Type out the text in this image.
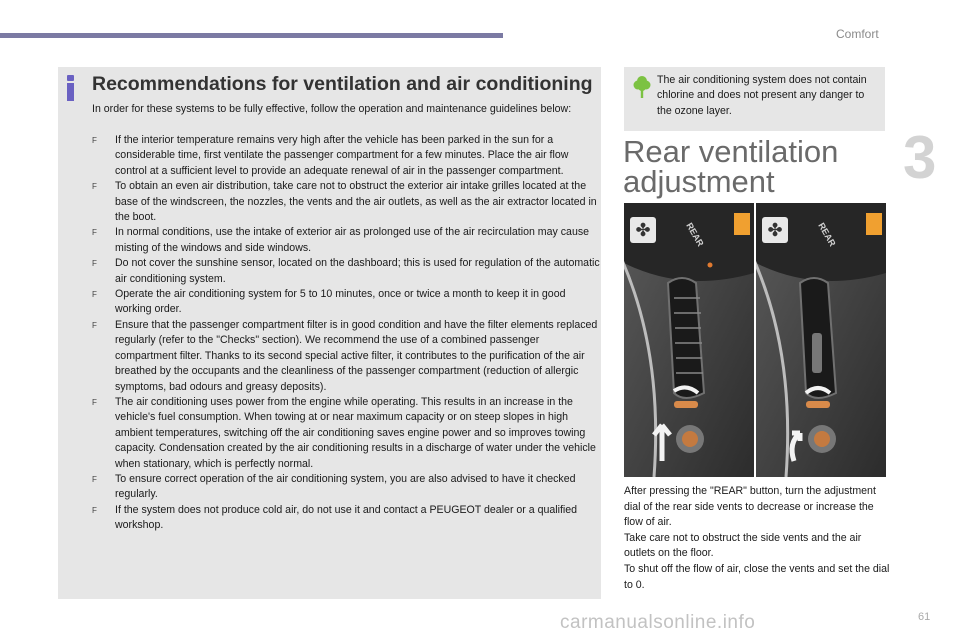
Comfort
3
Recommendations for ventilation and air conditioning
In order for these systems to be fully effective, follow the operation and maintenance guidelines below:
F	If the interior temperature remains very high after the vehicle has been parked in the sun for a considerable time, first ventilate the passenger compartment for a few minutes. Place the air flow control at a sufficient level to provide an adequate renewal of air in the passenger compartment.
F	To obtain an even air distribution, take care not to obstruct the exterior air intake grilles located at the base of the windscreen, the nozzles, the vents and the air outlets, as well as the air extractor located in the boot.
F	In normal conditions, use the intake of exterior air as prolonged use of the air recirculation may cause misting of the windows and side windows.
F	Do not cover the sunshine sensor, located on the dashboard; this is used for regulation of the automatic air conditioning system.
F	Operate the air conditioning system for 5 to 10 minutes, once or twice a month to keep it in good working order.
F	Ensure that the passenger compartment filter is in good condition and have the filter elements replaced regularly (refer to the "Checks" section). We recommend the use of a combined passenger compartment filter. Thanks to its second special active filter, it contributes to the purification of the air breathed by the occupants and the cleanliness of the passenger compartment (reduction of allergic symptoms, bad odours and greasy deposits).
F	The air conditioning uses power from the engine while operating. This results in an increase in the vehicle's fuel consumption. When towing at or near maximum capacity or on steep slopes in high ambient temperatures, switching off the air conditioning saves engine power and so improves towing capacity. Condensation created by the air conditioning results in a discharge of water under the vehicle when stationary, which is perfectly normal.
F	To ensure correct operation of the air conditioning system, you are also advised to have it checked regularly.
F	If the system does not produce cold air, do not use it and contact a PEUGEOT dealer or a qualified workshop.
The air conditioning system does not contain chlorine and does not present any danger to the ozone layer.
Rear ventilation adjustment
✤	REAR	✤	REAR

After pressing the "REAR" button, turn the adjustment dial of the rear side vents to decrease or increase the flow of air.

Take care not to obstruct the side vents and the air outlets on the floor.

To shut off the flow of air, close the vents and set the dial to 0.

carmanualsonline.info	61
